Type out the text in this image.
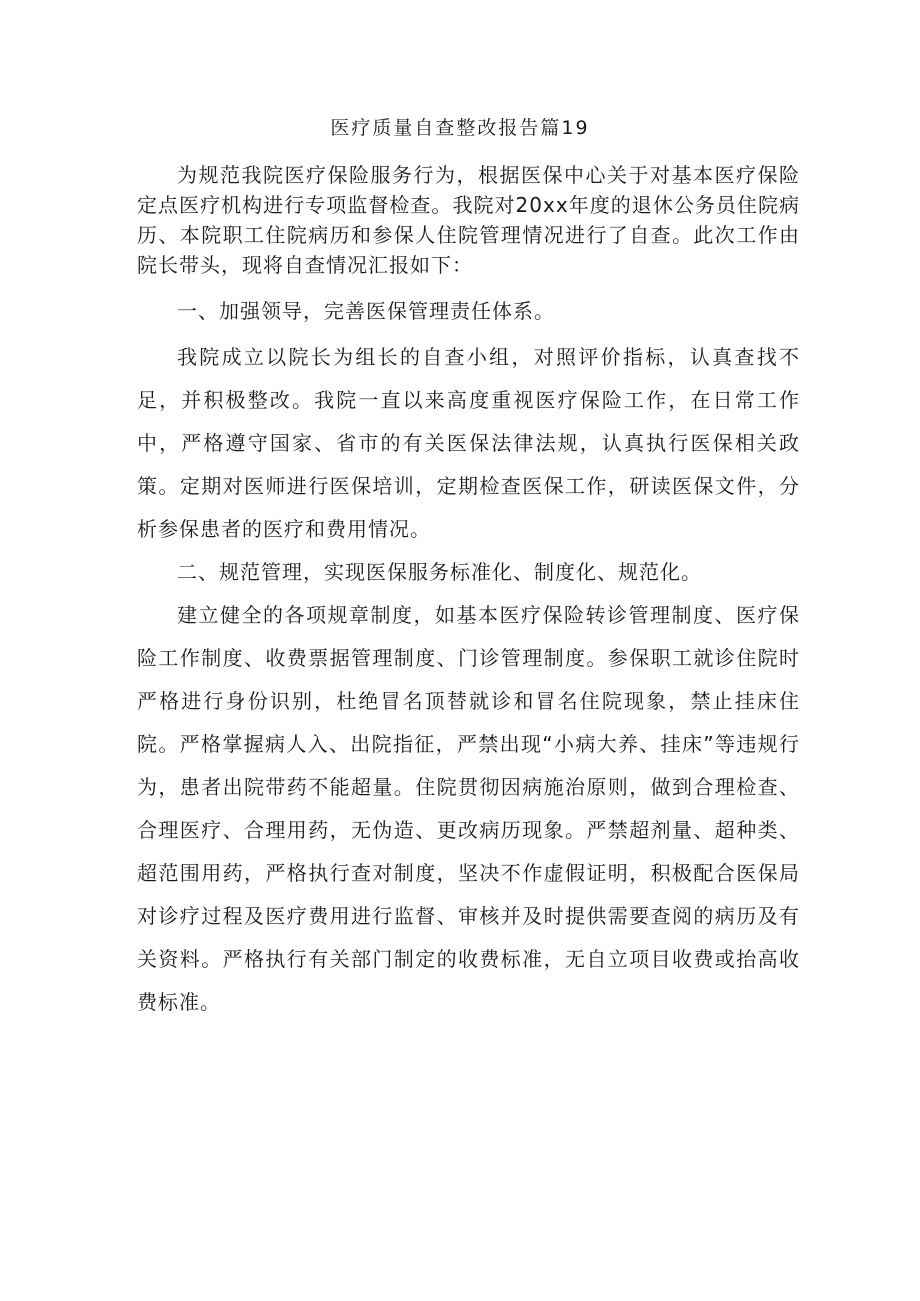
医疗质量自查整改报告篇19

为规范我院医疗保险服务行为，根据医保中心关于对基本医疗保险定点医疗机构进行专项监督检查。我院对20xx年度的退休公务员住院病历、本院职工住院病历和参保人住院管理情况进行了自查。此次工作由院长带头，现将自查情况汇报如下：

一、加强领导，完善医保管理责任体系。

我院成立以院长为组长的自查小组，对照评价指标，认真查找不足，并积极整改。我院一直以来高度重视医疗保险工作，在日常工作中，严格遵守国家、省市的有关医保法律法规，认真执行医保相关政策。定期对医师进行医保培训，定期检查医保工作，研读医保文件，分析参保患者的医疗和费用情况。

二、规范管理，实现医保服务标准化、制度化、规范化。

建立健全的各项规章制度，如基本医疗保险转诊管理制度、医疗保险工作制度、收费票据管理制度、门诊管理制度。参保职工就诊住院时严格进行身份识别，杜绝冒名顶替就诊和冒名住院现象，禁止挂床住院。严格掌握病人入、出院指征，严禁出现“小病大养、挂床”等违规行为，患者出院带药不能超量。住院贯彻因病施治原则，做到合理检查、合理医疗、合理用药，无伪造、更改病历现象。严禁超剂量、超种类、超范围用药，严格执行查对制度，坚决不作虚假证明，积极配合医保局对诊疗过程及医疗费用进行监督、审核并及时提供需要查阅的病历及有关资料。严格执行有关部门制定的收费标准，无自立项目收费或抬高收费标准。
